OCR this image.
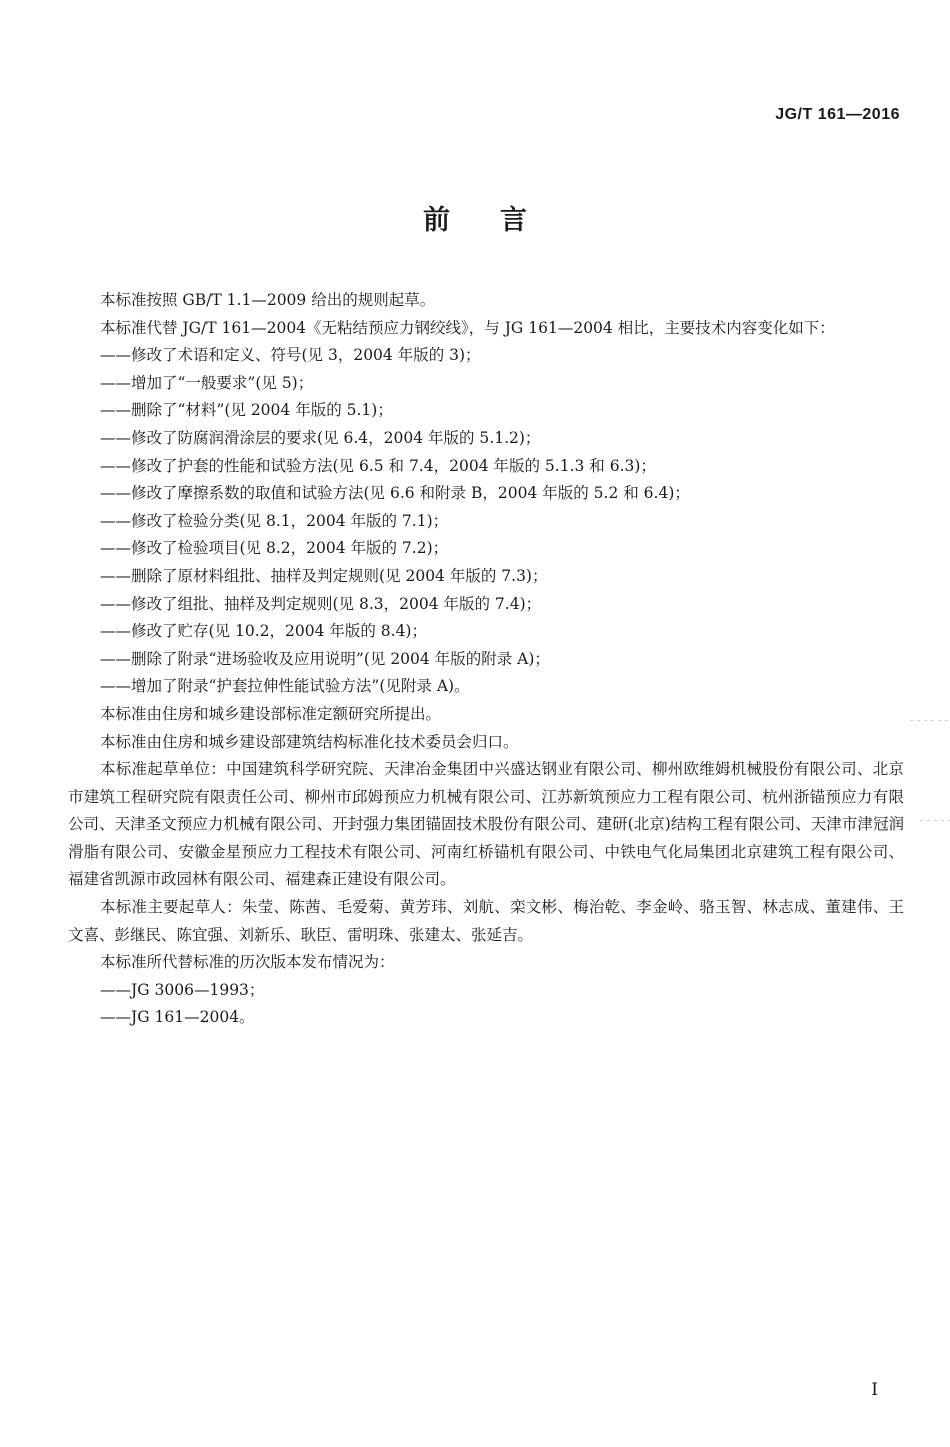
JG/T 161—2016
前言

本标准按照 GB/T 1.1—2009 给出的规则起草。

本标准代替 JG/T 161—2004《无粘结预应力钢绞线》，与 JG 161—2004 相比，主要技术内容变化如下：

——修改了术语和定义、符号(见 3，2004 年版的 3)；

——增加了“一般要求”(见 5)；

——删除了“材料”(见 2004 年版的 5.1)；

——修改了防腐润滑涂层的要求(见 6.4，2004 年版的 5.1.2)；

——修改了护套的性能和试验方法(见 6.5 和 7.4，2004 年版的 5.1.3 和 6.3)；

——修改了摩擦系数的取值和试验方法(见 6.6 和附录 B，2004 年版的 5.2 和 6.4)；

——修改了检验分类(见 8.1，2004 年版的 7.1)；

——修改了检验项目(见 8.2，2004 年版的 7.2)；

——删除了原材料组批、抽样及判定规则(见 2004 年版的 7.3)；

——修改了组批、抽样及判定规则(见 8.3，2004 年版的 7.4)；

——修改了贮存(见 10.2，2004 年版的 8.4)；

——删除了附录“进场验收及应用说明”(见 2004 年版的附录 A)；

——增加了附录“护套拉伸性能试验方法”(见附录 A)。

本标准由住房和城乡建设部标准定额研究所提出。

本标准由住房和城乡建设部建筑结构标准化技术委员会归口。

本标准起草单位：中国建筑科学研究院、天津冶金集团中兴盛达钢业有限公司、柳州欧维姆机械股份有限公司、北京市建筑工程研究院有限责任公司、柳州市邱姆预应力机械有限公司、江苏新筑预应力工程有限公司、杭州浙锚预应力有限公司、天津圣文预应力机械有限公司、开封强力集团锚固技术股份有限公司、建研(北京)结构工程有限公司、天津市津冠润滑脂有限公司、安徽金星预应力工程技术有限公司、河南红桥锚机有限公司、中铁电气化局集团北京建筑工程有限公司、福建省凯源市政园林有限公司、福建森正建设有限公司。

本标准主要起草人：朱莹、陈茜、毛爱菊、黄芳玮、刘航、栾文彬、梅治乾、李金岭、骆玉智、林志成、董建伟、王文喜、彭继民、陈宜强、刘新乐、耿臣、雷明珠、张建太、张延吉。

本标准所代替标准的历次版本发布情况为：

——JG 3006—1993；

——JG 161—2004。

I
